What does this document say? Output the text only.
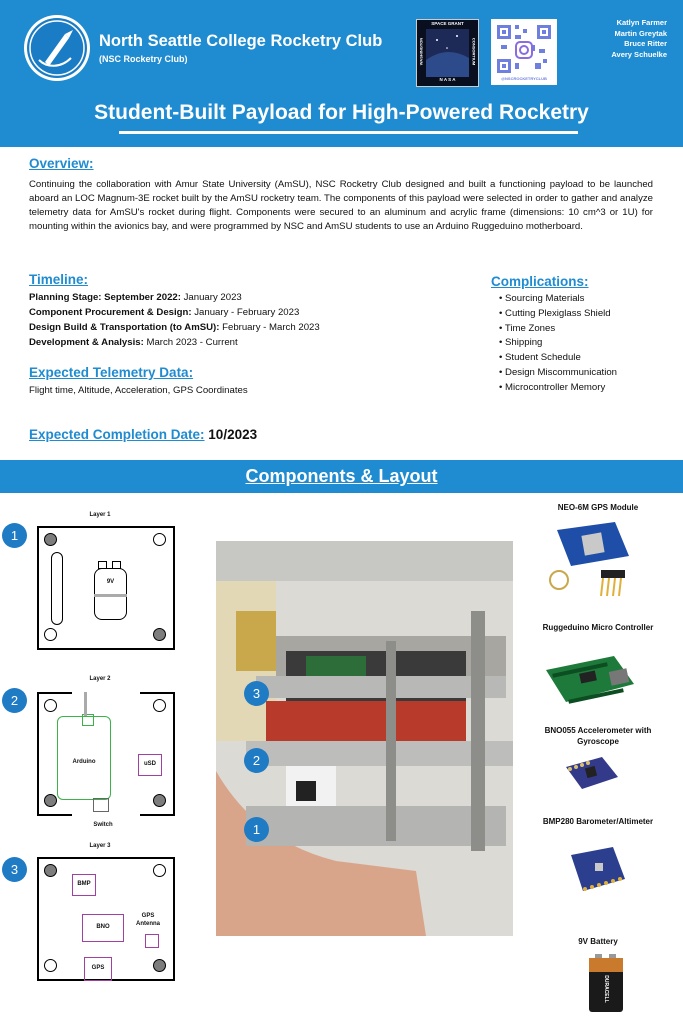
North Seattle College Rocketry Club
(NSC Rocketry Club)
SPACE GRANT
N A S A
WASHINGTON	CONSORTIUM
@NSCROCKETRYCLUB
Katlyn Farmer
Martin Greytak
Bruce Ritter
Avery Schuelke
Student-Built Payload for High-Powered Rocketry
Overview:
Continuing the collaboration with Amur State University (AmSU), NSC Rocketry Club designed and built a functioning payload to be launched aboard an LOC Magnum-3E rocket built by the AmSU rocketry team. The components of this payload were selected in order to gather and analyze telemetry data for AmSU's rocket during flight. Components were secured to an aluminum and acrylic frame (dimensions: 10 cm^3 or 1U) for mounting within the avionics bay, and were programmed by NSC and AmSU students to use an Arduino Ruggeduino motherboard.
Timeline:
Planning Stage: September 2022: January 2023
Component Procurement & Design: January - February 2023
Design Build & Transportation (to AmSU): February - March 2023
Development & Analysis: March 2023 - Current
Expected Telemetry Data:
Flight time, Altitude, Acceleration, GPS Coordinates
Complications:
• Sourcing Materials
• Cutting Plexiglass Shield
• Time Zones
• Shipping
• Student Schedule
• Design Miscommunication
• Microcontroller Memory
Expected Completion Date: 10/2023
Components & Layout
1
Layer 1
9V
2
Layer 2
Arduino	uSD
Switch
3
Layer 3
BMP
BNO
GPS
GPS Antenna
3
2
1
NEO-6M GPS Module
Ruggeduino Micro Controller
BNO055 Accelerometer with Gyroscope
BMP280 Barometer/Altimeter
9V Battery
DURACELL
